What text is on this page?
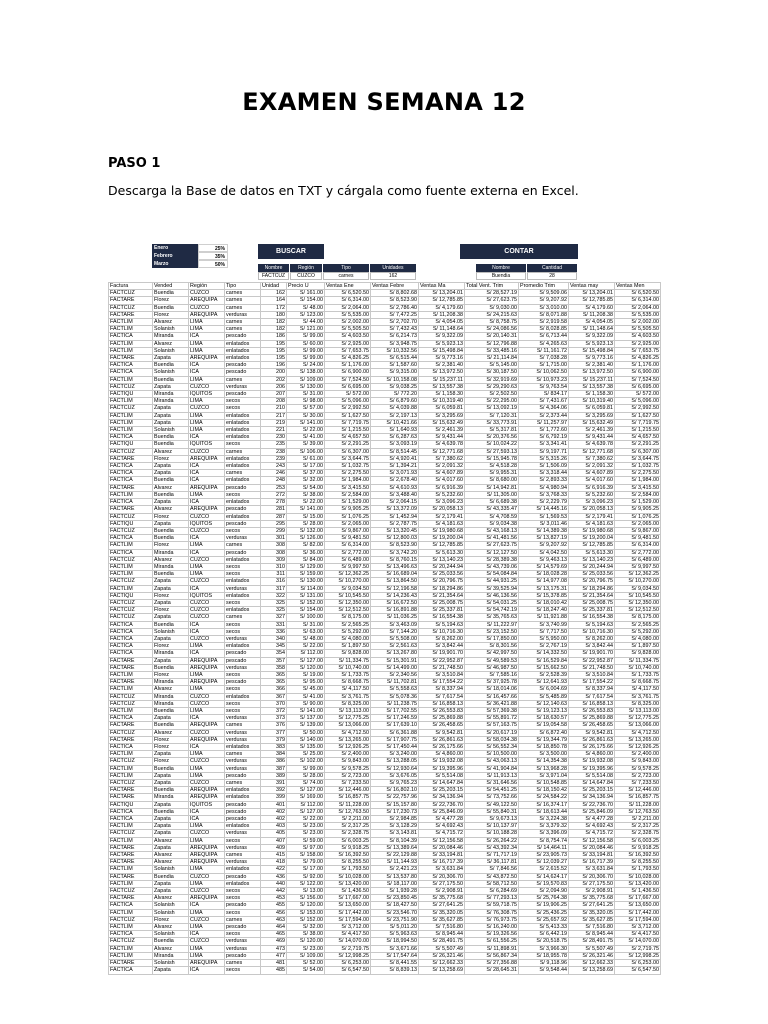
EXAMEN SEMANA 12
PASO 1
Descarga la Base de datos en TXT y cárgala como fuente externa en Excel.
Enero	25%
Febrero	35%
Marzo	50%
BUSCAR	CONTAR
Nombre	Región	Tipo	Unidades
FACTCUZ	CUZCO	carnes	162
Nombre	Cantidad
Buendia	28
Factura	Vended	Región	Tipo	Unidad	Precio U	Ventas Ene	Ventas Febre	Ventas Ma	Total Vent. Trim	Promedio Trim	Ventas may	Ventas Men
FACTCUZ	Buendia	CUZCO	carnes	162	S/ 161.00	S/ 6,520.50	S/ 8,802.68	S/ 13,204.01	S/ 28,527.19	S/ 9,509.06	S/ 13,204.01	S/ 6,520.50
FACTARE	Florez	AREQUIPA	carnes	164	S/ 154.00	S/ 6,314.00	S/ 8,523.90	S/ 12,785.85	S/ 27,623.75	S/ 9,207.92	S/ 12,785.85	S/ 6,314.00
FACTCUZ	Buendia	CUZCO	carnes	172	S/ 48.00	S/ 2,064.00	S/ 2,786.40	S/ 4,179.60	S/ 9,030.00	S/ 3,010.00	S/ 4,179.60	S/ 2,064.00
FACTARE	Florez	AREQUIPA	verduras	180	S/ 123.00	S/ 5,535.00	S/ 7,472.25	S/ 11,208.38	S/ 24,215.63	S/ 8,071.88	S/ 11,208.38	S/ 5,535.00
FACTLIM	Alvarez	LIMA	carnes	182	S/ 44.00	S/ 2,002.00	S/ 2,702.70	S/ 4,054.05	S/ 8,758.75	S/ 2,919.58	S/ 4,054.05	S/ 2,002.00
FACTLIM	Solanish	LIMA	carnes	182	S/ 121.00	S/ 5,505.50	S/ 7,432.43	S/ 11,148.64	S/ 24,086.56	S/ 8,028.85	S/ 11,148.64	S/ 5,505.50
FACTICA	Miranda	ICA	pescado	186	S/ 99.00	S/ 4,603.50	S/ 6,214.73	S/ 9,322.09	S/ 20,140.31	S/ 6,713.44	S/ 9,322.09	S/ 4,603.50
FACTLIM	Alvarez	LIMA	enlatados	195	S/ 60.00	S/ 2,925.00	S/ 3,948.75	S/ 5,923.13	S/ 12,796.88	S/ 4,265.63	S/ 5,923.13	S/ 2,925.00
FACTLIM	Solanish	LIMA	enlatados	195	S/ 99.00	S/ 7,653.75	S/ 10,332.56	S/ 15,498.84	S/ 33,485.16	S/ 11,161.72	S/ 15,498.84	S/ 7,653.75
FACTARE	Zapata	AREQUIPA	enlatados	195	S/ 99.00	S/ 4,826.25	S/ 6,515.44	S/ 9,773.16	S/ 21,114.84	S/ 7,038.28	S/ 9,773.16	S/ 4,826.25
FACTICA	Buendia	ICA	pescado	196	S/ 24.00	S/ 1,176.00	S/ 1,587.60	S/ 2,381.40	S/ 5,145.00	S/ 1,715.00	S/ 2,381.40	S/ 1,176.00
FACTICA	Solanish	ICA	pescado	200	S/ 138.00	S/ 6,900.00	S/ 9,315.00	S/ 13,972.50	S/ 30,187.50	S/ 10,062.50	S/ 13,972.50	S/ 6,900.00
FACTLIM	Buendia	LIMA	carnes	202	S/ 109.00	S/ 7,524.50	S/ 10,158.08	S/ 15,237.11	S/ 32,919.69	S/ 10,973.23	S/ 15,237.11	S/ 7,524.50
FACTCUZ	Zapata	CUZCO	verduras	206	S/ 130.00	S/ 6,695.00	S/ 9,038.25	S/ 13,557.38	S/ 29,290.63	S/ 9,763.54	S/ 13,557.38	S/ 6,695.00
FACTIQU	Miranda	IQUITOS	pescado	207	S/ 31.00	S/ 572.00	S/ 772.20	S/ 1,158.30	S/ 2,502.50	S/ 834.17	S/ 1,158.30	S/ 572.00
FACTLIM	Miranda	LIMA	secos	208	S/ 98.00	S/ 5,096.00	S/ 6,879.60	S/ 10,319.40	S/ 22,295.00	S/ 7,431.67	S/ 10,319.40	S/ 5,096.00
FACTCUZ	Zapata	CUZCO	secos	210	S/ 57.00	S/ 2,992.50	S/ 4,039.88	S/ 6,059.81	S/ 13,092.19	S/ 4,364.06	S/ 6,059.81	S/ 2,992.50
FACTLIM	Zapata	LIMA	enlatados	217	S/ 30.00	S/ 1,627.50	S/ 2,197.13	S/ 3,295.69	S/ 7,120.31	S/ 2,373.44	S/ 3,295.69	S/ 1,627.50
FACTLIM	Zapata	LIMA	enlatados	219	S/ 141.00	S/ 7,719.75	S/ 10,421.66	S/ 15,632.49	S/ 33,773.91	S/ 11,257.97	S/ 15,632.49	S/ 7,719.75
FACTLIM	Solanish	LIMA	enlatados	221	S/ 22.00	S/ 1,215.50	S/ 1,640.93	S/ 2,461.39	S/ 5,317.81	S/ 1,772.60	S/ 2,461.39	S/ 1,215.50
FACTICA	Buendia	ICA	enlatados	230	S/ 41.00	S/ 4,657.50	S/ 6,287.63	S/ 9,431.44	S/ 20,376.56	S/ 6,792.19	S/ 9,431.44	S/ 4,657.50
FACTIQU	Buendia	IQUITOS	secos	235	S/ 39.00	S/ 2,291.25	S/ 3,093.19	S/ 4,639.78	S/ 10,024.22	S/ 3,341.41	S/ 4,639.78	S/ 2,291.25
FACTCUZ	Alvarez	CUZCO	carnes	238	S/ 106.00	S/ 6,307.00	S/ 8,514.45	S/ 12,771.68	S/ 27,593.13	S/ 9,197.71	S/ 12,771.68	S/ 6,307.00
FACTARE	Florez	AREQUIPA	enlatados	239	S/ 61.00	S/ 3,644.75	S/ 4,920.41	S/ 7,380.62	S/ 15,945.78	S/ 5,315.26	S/ 7,380.62	S/ 3,644.75
FACTICA	Zapata	ICA	enlatados	243	S/ 17.00	S/ 1,032.75	S/ 1,394.21	S/ 2,091.32	S/ 4,518.28	S/ 1,506.09	S/ 2,091.32	S/ 1,032.75
FACTICA	Zapata	ICA	carnes	246	S/ 37.00	S/ 2,275.50	S/ 3,071.93	S/ 4,607.89	S/ 9,955.31	S/ 3,318.44	S/ 4,607.89	S/ 2,275.50
FACTICA	Buendia	ICA	enlatados	248	S/ 32.00	S/ 1,984.00	S/ 2,678.40	S/ 4,017.60	S/ 8,680.00	S/ 2,893.33	S/ 4,017.60	S/ 1,984.00
FACTARE	Alvarez	AREQUIPA	pescado	253	S/ 54.00	S/ 3,415.50	S/ 4,610.93	S/ 6,916.39	S/ 14,942.81	S/ 4,980.94	S/ 6,916.39	S/ 3,415.50
FACTLIM	Buendia	LIMA	secos	272	S/ 38.00	S/ 2,584.00	S/ 3,488.40	S/ 5,232.60	S/ 11,305.00	S/ 3,768.33	S/ 5,232.60	S/ 2,584.00
FACTICA	Zapata	ICA	enlatados	278	S/ 22.00	S/ 1,529.00	S/ 2,064.15	S/ 3,096.23	S/ 6,689.38	S/ 2,229.79	S/ 3,096.23	S/ 1,529.00
FACTARE	Alvarez	AREQUIPA	pescado	281	S/ 141.00	S/ 9,905.25	S/ 13,372.09	S/ 20,058.13	S/ 43,335.47	S/ 14,445.16	S/ 20,058.13	S/ 9,905.25
FACTCUZ	Florez	CUZCO	enlatados	287	S/ 15.00	S/ 1,076.25	S/ 1,452.94	S/ 2,179.41	S/ 4,708.59	S/ 1,569.53	S/ 2,179.41	S/ 1,076.25
FACTIQU	Zapata	IQUITOS	pescado	295	S/ 28.00	S/ 2,065.00	S/ 2,787.75	S/ 4,181.63	S/ 9,034.38	S/ 3,011.46	S/ 4,181.63	S/ 2,065.00
FACTCUZ	Buendia	CUZCO	secos	299	S/ 132.00	S/ 9,867.00	S/ 13,320.45	S/ 19,980.68	S/ 43,168.13	S/ 14,389.38	S/ 19,980.68	S/ 9,867.00
FACTICA	Buendia	ICA	verduras	301	S/ 126.00	S/ 9,481.50	S/ 12,800.03	S/ 19,200.04	S/ 41,481.56	S/ 13,827.19	S/ 19,200.04	S/ 9,481.50
FACTLIM	Florez	LIMA	carnes	308	S/ 82.00	S/ 6,314.00	S/ 8,523.90	S/ 12,785.85	S/ 27,623.75	S/ 9,207.92	S/ 12,785.85	S/ 6,314.00
FACTICA	Miranda	ICA	pescado	308	S/ 36.00	S/ 2,772.00	S/ 3,742.20	S/ 5,613.30	S/ 12,127.50	S/ 4,042.50	S/ 5,613.30	S/ 2,772.00
FACTCUZ	Alvarez	CUZCO	enlatados	309	S/ 84.00	S/ 6,489.00	S/ 8,760.15	S/ 13,140.23	S/ 28,389.38	S/ 9,463.13	S/ 13,140.23	S/ 6,489.00
FACTLIM	Miranda	LIMA	secos	310	S/ 129.00	S/ 9,997.50	S/ 13,496.63	S/ 20,244.94	S/ 43,739.06	S/ 14,579.69	S/ 20,244.94	S/ 9,997.50
FACTLIM	Buendia	LIMA	secos	311	S/ 159.00	S/ 12,362.25	S/ 16,689.04	S/ 25,033.56	S/ 54,084.84	S/ 18,028.28	S/ 25,033.56	S/ 12,362.25
FACTCUZ	Zapata	CUZCO	enlatados	316	S/ 130.00	S/ 10,270.00	S/ 13,864.50	S/ 20,796.75	S/ 44,931.25	S/ 14,977.08	S/ 20,796.75	S/ 10,270.00
FACTLIM	Zapata	ICA	verduras	317	S/ 114.00	S/ 9,034.50	S/ 12,196.58	S/ 18,294.86	S/ 39,525.94	S/ 13,175.31	S/ 18,294.86	S/ 9,034.50
FACTIQU	Florez	IQUITOS	enlatados	322	S/ 131.00	S/ 10,545.50	S/ 14,236.43	S/ 21,354.64	S/ 46,136.56	S/ 15,378.85	S/ 21,354.64	S/ 10,545.50
FACTCUZ	Zapata	CUZCO	secos	325	S/ 152.00	S/ 12,350.00	S/ 16,672.50	S/ 25,008.75	S/ 54,031.25	S/ 18,010.42	S/ 25,008.75	S/ 12,350.00
FACTCUZ	Florez	CUZCO	enlatados	325	S/ 154.00	S/ 12,512.50	S/ 16,891.88	S/ 25,337.81	S/ 54,742.19	S/ 18,247.40	S/ 25,337.81	S/ 12,512.50
FACTCUZ	Zapata	CUZCO	carnes	327	S/ 100.00	S/ 8,175.00	S/ 11,036.25	S/ 16,554.38	S/ 35,765.63	S/ 11,921.88	S/ 16,554.38	S/ 8,175.00
FACTICA	Buendia	ICA	secos	331	S/ 31.00	S/ 2,565.25	S/ 3,463.09	S/ 5,194.63	S/ 11,222.97	S/ 3,740.99	S/ 5,194.63	S/ 2,565.25
FACTICA	Solanish	ICA	secos	336	S/ 63.00	S/ 5,292.00	S/ 7,144.20	S/ 10,716.30	S/ 23,152.50	S/ 7,717.50	S/ 10,716.30	S/ 5,292.00
FACTICA	Zapata	CUZCO	verduras	340	S/ 48.00	S/ 4,080.00	S/ 5,508.00	S/ 8,262.00	S/ 17,850.00	S/ 5,950.00	S/ 8,262.00	S/ 4,080.00
FACTICA	Florez	LIMA	enlatados	345	S/ 22.00	S/ 1,897.50	S/ 2,561.63	S/ 3,842.44	S/ 8,301.56	S/ 2,767.19	S/ 3,842.44	S/ 1,897.50
FACTICA	Miranda	ICA	pescado	354	S/ 112.00	S/ 9,828.00	S/ 13,267.80	S/ 19,901.70	S/ 42,997.50	S/ 14,332.50	S/ 19,901.70	S/ 9,828.00
FACTARE	Zapata	AREQUIPA	pescado	357	S/ 127.00	S/ 11,334.75	S/ 15,301.91	S/ 22,952.87	S/ 49,589.53	S/ 16,529.84	S/ 22,952.87	S/ 11,334.75
FACTARE	Buendia	AREQUIPA	verduras	358	S/ 120.00	S/ 10,740.00	S/ 14,499.00	S/ 21,748.50	S/ 46,987.50	S/ 15,662.50	S/ 21,748.50	S/ 10,740.00
FACTLIM	Florez	LIMA	secos	365	S/ 19.00	S/ 1,733.75	S/ 2,340.56	S/ 3,510.84	S/ 7,585.16	S/ 2,528.39	S/ 3,510.84	S/ 1,733.75
FACTARE	Miranda	AREQUIPA	pescado	365	S/ 95.00	S/ 8,668.75	S/ 11,702.81	S/ 17,554.22	S/ 37,925.78	S/ 12,641.93	S/ 17,554.22	S/ 8,668.75
FACTLIM	Alvarez	LIMA	secos	366	S/ 45.00	S/ 4,117.50	S/ 5,558.63	S/ 8,337.94	S/ 18,014.06	S/ 6,004.69	S/ 8,337.94	S/ 4,117.50
FACTCUZ	Miranda	CUZCO	enlatados	367	S/ 41.00	S/ 3,761.75	S/ 5,078.36	S/ 7,617.54	S/ 16,457.66	S/ 5,485.89	S/ 7,617.54	S/ 3,761.75
FACTCUZ	Miranda	CUZCO	secos	370	S/ 90.00	S/ 8,325.00	S/ 11,238.75	S/ 16,858.13	S/ 36,421.88	S/ 12,140.63	S/ 16,858.13	S/ 8,325.00
FACTLIM	Buendia	LIMA	secos	372	S/ 141.00	S/ 13,113.00	S/ 17,702.55	S/ 26,553.83	S/ 57,369.38	S/ 19,123.13	S/ 26,553.83	S/ 13,113.00
FACTICA	Zapata	ICA	verduras	373	S/ 137.00	S/ 12,775.25	S/ 17,246.59	S/ 25,869.88	S/ 55,891.72	S/ 18,630.57	S/ 25,869.88	S/ 12,775.25
FACTARE	Buendia	AREQUIPA	carnes	376	S/ 139.00	S/ 13,066.00	S/ 17,639.10	S/ 26,458.65	S/ 57,163.75	S/ 19,054.58	S/ 26,458.65	S/ 13,066.00
FACTCUZ	Alvarez	CUZCO	verduras	377	S/ 50.00	S/ 4,712.50	S/ 6,361.88	S/ 9,542.81	S/ 20,617.19	S/ 6,872.40	S/ 9,542.81	S/ 4,712.50
FACTARE	Florez	AREQUIPA	verduras	379	S/ 140.00	S/ 13,265.00	S/ 17,907.75	S/ 26,861.63	S/ 58,034.38	S/ 19,344.79	S/ 26,861.63	S/ 13,265.00
FACTICA	Florez	ICA	enlatados	383	S/ 135.00	S/ 12,926.25	S/ 17,450.44	S/ 26,175.66	S/ 56,552.34	S/ 18,850.78	S/ 26,175.66	S/ 12,926.25
FACTLIM	Zapata	LIMA	carnes	384	S/ 25.00	S/ 2,400.00	S/ 3,240.00	S/ 4,860.00	S/ 10,500.00	S/ 3,500.00	S/ 4,860.00	S/ 2,400.00
FACTCUZ	Florez	CUZCO	verduras	386	S/ 102.00	S/ 9,843.00	S/ 13,288.05	S/ 19,932.08	S/ 43,063.13	S/ 14,354.38	S/ 19,932.08	S/ 9,843.00
FACTLIM	Buendia	LIMA	verduras	387	S/ 99.00	S/ 9,578.25	S/ 12,930.64	S/ 19,395.96	S/ 41,904.84	S/ 13,968.28	S/ 19,395.96	S/ 9,578.25
FACTLIM	Zapata	LIMA	pescado	389	S/ 28.00	S/ 2,723.00	S/ 3,676.05	S/ 5,514.08	S/ 11,913.13	S/ 3,971.04	S/ 5,514.08	S/ 2,723.00
FACTCUZ	Zapata	CUZCO	carnes	391	S/ 74.00	S/ 7,233.50	S/ 9,765.23	S/ 14,647.84	S/ 31,646.56	S/ 10,548.85	S/ 14,647.84	S/ 7,233.50
FACTARE	Buendia	AREQUIPA	enlatados	392	S/ 127.00	S/ 12,446.00	S/ 16,802.10	S/ 25,203.15	S/ 54,451.25	S/ 18,150.42	S/ 25,203.15	S/ 12,446.00
FACTARE	Miranda	AREQUIPA	enlatados	399	S/ 169.00	S/ 16,857.75	S/ 22,757.96	S/ 34,136.94	S/ 73,752.66	S/ 24,584.22	S/ 34,136.94	S/ 16,857.75
FACTIQU	Zapata	IQUITOS	pescado	401	S/ 112.00	S/ 11,228.00	S/ 15,157.80	S/ 22,736.70	S/ 49,122.50	S/ 16,374.17	S/ 22,736.70	S/ 11,228.00
FACTICA	Buendia	ICA	pescado	402	S/ 127.00	S/ 12,763.50	S/ 17,230.73	S/ 25,846.09	S/ 55,840.31	S/ 18,613.44	S/ 25,846.09	S/ 12,763.50
FACTICA	Zapata	ICA	pescado	402	S/ 22.00	S/ 2,211.00	S/ 2,984.85	S/ 4,477.28	S/ 9,673.13	S/ 3,224.38	S/ 4,477.28	S/ 2,211.00
FACTLIM	Zapata	LIMA	enlatados	403	S/ 23.00	S/ 2,317.25	S/ 3,128.29	S/ 4,692.43	S/ 10,137.97	S/ 3,379.32	S/ 4,692.43	S/ 2,317.25
FACTCUZ	Zapata	CUZCO	verduras	405	S/ 23.00	S/ 2,328.75	S/ 3,143.81	S/ 4,715.72	S/ 10,188.28	S/ 3,396.09	S/ 4,715.72	S/ 2,328.75
FACTLIM	Alvarez	LIMA	secos	407	S/ 59.00	S/ 6,003.25	S/ 8,104.39	S/ 12,156.58	S/ 26,264.22	S/ 8,754.74	S/ 12,156.58	S/ 6,003.25
FACTARE	Zapata	AREQUIPA	verduras	409	S/ 97.00	S/ 9,918.25	S/ 13,389.64	S/ 20,084.46	S/ 43,392.34	S/ 14,464.11	S/ 20,084.46	S/ 9,918.25
FACTARE	Alvarez	AREQUIPA	carnes	415	S/ 158.00	S/ 16,392.50	S/ 22,129.88	S/ 33,194.81	S/ 71,717.19	S/ 23,905.73	S/ 33,194.81	S/ 16,392.50
FACTARE	Alvarez	AREQUIPA	verduras	418	S/ 79.00	S/ 8,255.50	S/ 11,144.93	S/ 16,717.39	S/ 36,117.81	S/ 12,039.27	S/ 16,717.39	S/ 8,255.50
FACTLIM	Solanish	LIMA	enlatados	422	S/ 17.00	S/ 1,793.50	S/ 2,421.23	S/ 3,631.84	S/ 7,846.56	S/ 2,615.52	S/ 3,631.84	S/ 1,793.50
FACTARE	Buendia	CUZCO	pescado	436	S/ 92.00	S/ 10,028.00	S/ 13,537.80	S/ 20,306.70	S/ 43,872.50	S/ 14,624.17	S/ 20,306.70	S/ 10,028.00
FACTLIM	Zapata	LIMA	enlatados	440	S/ 122.00	S/ 13,420.00	S/ 18,117.00	S/ 27,175.50	S/ 58,712.50	S/ 19,570.83	S/ 27,175.50	S/ 13,420.00
FACTCUZ	Zapata	CUZCO	secos	442	S/ 13.00	S/ 1,436.50	S/ 1,939.28	S/ 2,908.91	S/ 6,284.69	S/ 2,094.90	S/ 2,908.91	S/ 1,436.50
FACTARE	Alvarez	AREQUIPA	secos	453	S/ 156.00	S/ 17,667.00	S/ 23,850.45	S/ 35,775.68	S/ 77,293.13	S/ 25,764.38	S/ 35,775.68	S/ 17,667.00
FACTICA	Solanish	ICA	pescado	455	S/ 120.00	S/ 13,650.00	S/ 18,427.50	S/ 27,641.25	S/ 59,718.75	S/ 19,906.25	S/ 27,641.25	S/ 13,650.00
FACTLIM	Solanish	LIMA	secos	456	S/ 153.00	S/ 17,442.00	S/ 23,546.70	S/ 35,320.05	S/ 76,308.75	S/ 25,436.25	S/ 35,320.05	S/ 17,442.00
FACTCUZ	Florez	CUZCO	carnes	463	S/ 152.00	S/ 17,594.00	S/ 23,751.90	S/ 35,627.85	S/ 76,973.75	S/ 25,657.92	S/ 35,627.85	S/ 17,594.00
FACTLIM	Alvarez	LIMA	pescado	464	S/ 32.00	S/ 3,712.00	S/ 5,011.20	S/ 7,516.80	S/ 16,240.00	S/ 5,413.33	S/ 7,516.80	S/ 3,712.00
FACTICA	Solanish	ICA	secos	465	S/ 38.00	S/ 4,417.50	S/ 5,963.63	S/ 8,945.44	S/ 19,326.56	S/ 6,442.19	S/ 8,945.44	S/ 4,417.50
FACTCUZ	Buendia	CUZCO	verduras	469	S/ 120.00	S/ 14,070.00	S/ 18,994.50	S/ 28,491.75	S/ 61,556.25	S/ 20,518.75	S/ 28,491.75	S/ 14,070.00
FACTLIM	Alvarez	LIMA	verduras	473	S/ 23.00	S/ 2,719.75	S/ 3,671.66	S/ 5,507.49	S/ 11,898.91	S/ 3,966.30	S/ 5,507.49	S/ 2,719.75
FACTLIM	Miranda	LIMA	pescado	477	S/ 109.00	S/ 12,998.25	S/ 17,547.64	S/ 26,321.46	S/ 56,867.34	S/ 18,955.78	S/ 26,321.46	S/ 12,998.25
FACTARE	Solanish	AREQUIPA	carnes	481	S/ 52.00	S/ 6,253.00	S/ 8,441.55	S/ 12,662.33	S/ 27,356.88	S/ 9,118.96	S/ 12,662.33	S/ 6,253.00
FACTICA	Zapata	ICA	secos	485	S/ 54.00	S/ 6,547.50	S/ 8,839.13	S/ 13,258.69	S/ 28,645.31	S/ 9,548.44	S/ 13,258.69	S/ 6,547.50
